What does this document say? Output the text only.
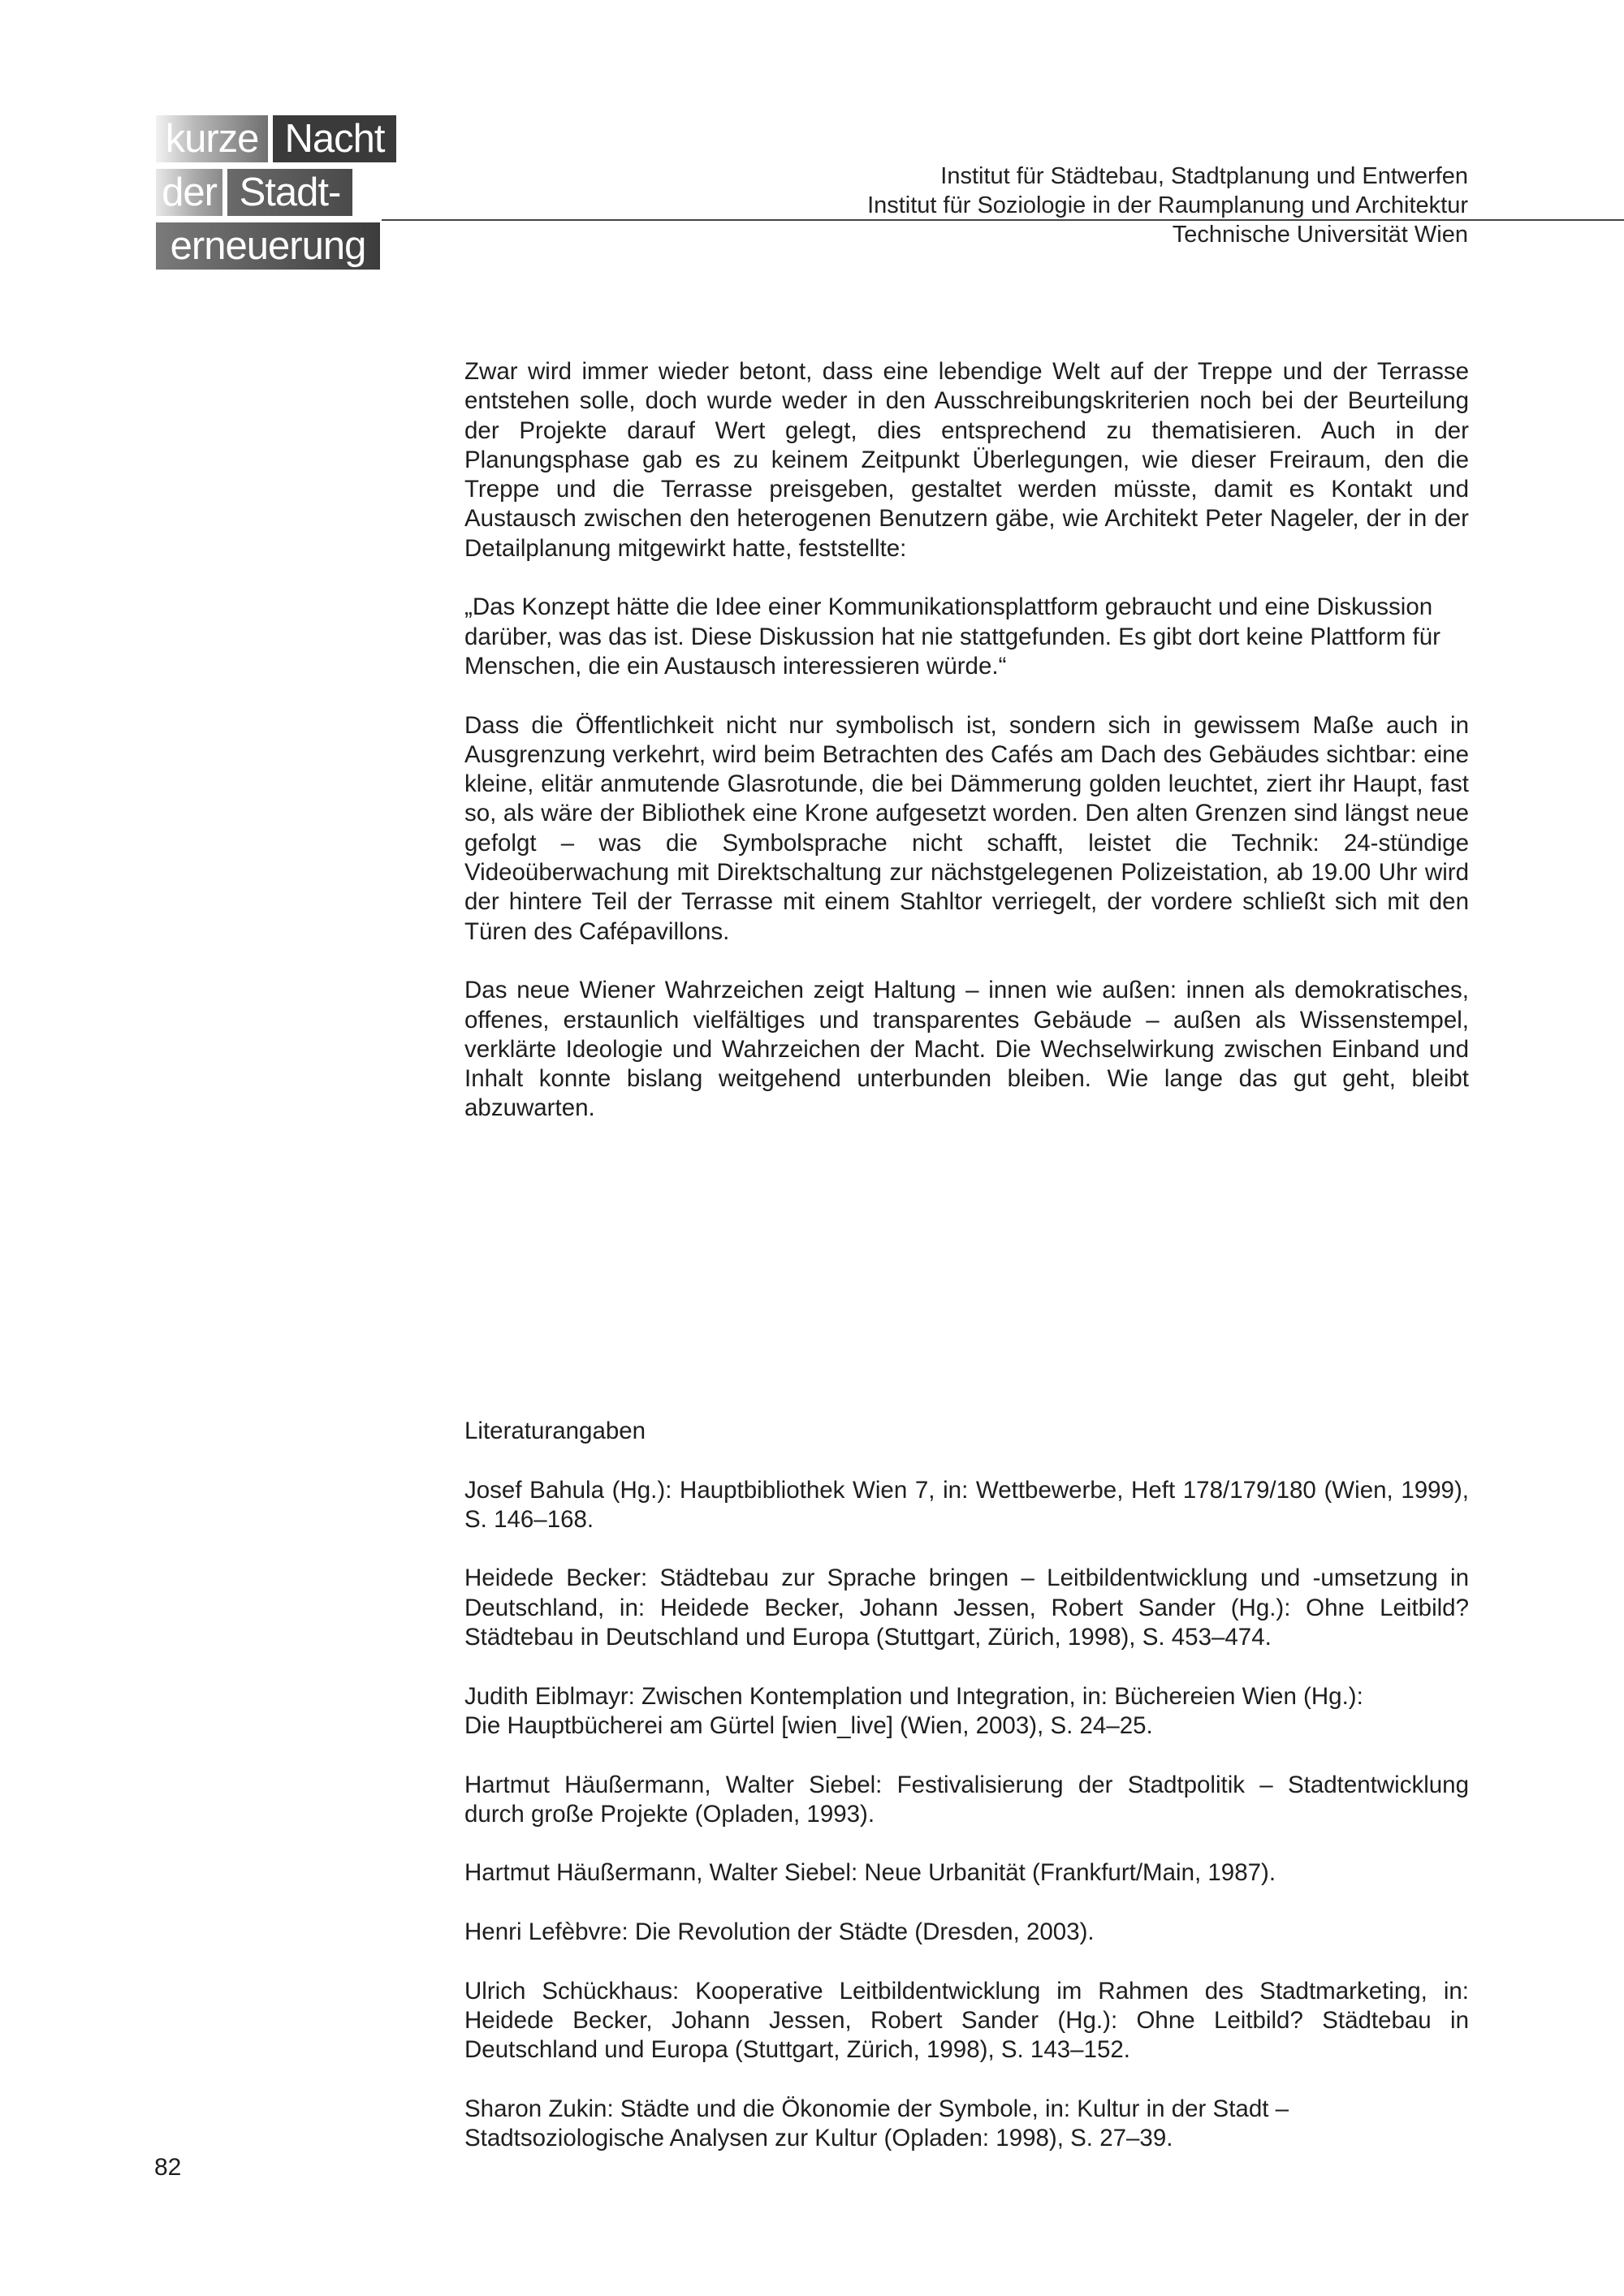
kurze Nacht
der Stadt-
erneuerung
Institut für Städtebau, Stadtplanung und Entwerfen
Institut für Soziologie in der Raumplanung und Architektur
Technische Universität Wien

Zwar wird immer wieder betont, dass eine lebendige Welt auf der Treppe und der Terrasse entstehen solle, doch wurde weder in den Ausschreibungskriterien noch bei der Beurteilung der Projekte darauf Wert gelegt, dies entsprechend zu thematisieren. Auch in der Planungsphase gab es zu keinem Zeitpunkt Überlegungen, wie dieser Freiraum, den die Treppe und die Terrasse preisgeben, gestaltet werden müsste, damit es Kontakt und Austausch zwischen den heterogenen Benutzern gäbe, wie Architekt Peter Nageler, der in der Detailplanung mitgewirkt hatte, feststellte:

„Das Konzept hätte die Idee einer Kommunikationsplattform gebraucht und eine Diskussion darüber, was das ist. Diese Diskussion hat nie stattgefunden. Es gibt dort keine Plattform für Menschen, die ein Austausch interessieren würde.“

Dass die Öffentlichkeit nicht nur symbolisch ist, sondern sich in gewissem Maße auch in Ausgrenzung verkehrt, wird beim Betrachten des Cafés am Dach des Gebäudes sichtbar: eine kleine, elitär anmutende Glasrotunde, die bei Dämmerung golden leuchtet, ziert ihr Haupt, fast so, als wäre der Bibliothek eine Krone aufgesetzt worden. Den alten Grenzen sind längst neue gefolgt – was die Symbolsprache nicht schafft, leistet die Technik: 24-stündige Videoüberwachung mit Direktschaltung zur nächstgelegenen Polizeistation, ab 19.00 Uhr wird der hintere Teil der Terrasse mit einem Stahltor verriegelt, der vordere schließt sich mit den Türen des Cafépavillons.

Das neue Wiener Wahrzeichen zeigt Haltung – innen wie außen: innen als demokratisches, offenes, erstaunlich vielfältiges und transparentes Gebäude – außen als Wissenstempel, verklärte Ideologie und Wahrzeichen der Macht. Die Wechselwirkung zwischen Einband und Inhalt konnte bislang weitgehend unterbunden bleiben. Wie lange das gut geht, bleibt abzuwarten.

Literaturangaben

Josef Bahula (Hg.): Hauptbibliothek Wien 7, in: Wettbewerbe, Heft 178/179/180 (Wien, 1999), S. 146–168.

Heidede Becker: Städtebau zur Sprache bringen – Leitbildentwicklung und -umsetzung in Deutschland, in: Heidede Becker, Johann Jessen, Robert Sander (Hg.): Ohne Leitbild? Städtebau in Deutschland und Europa (Stuttgart, Zürich, 1998), S. 453–474.

Judith Eiblmayr: Zwischen Kontemplation und Integration, in: Büchereien Wien (Hg.):

Die Hauptbücherei am Gürtel [wien_live] (Wien, 2003), S. 24–25.

Hartmut Häußermann, Walter Siebel: Festivalisierung der Stadtpolitik – Stadtentwicklung durch große Projekte (Opladen, 1993).

Hartmut Häußermann, Walter Siebel: Neue Urbanität (Frankfurt/Main, 1987).

Henri Lefèbvre: Die Revolution der Städte (Dresden, 2003).

Ulrich Schückhaus: Kooperative Leitbildentwicklung im Rahmen des Stadtmarketing, in: Heidede Becker, Johann Jessen, Robert Sander (Hg.): Ohne Leitbild? Städtebau in Deutschland und Europa (Stuttgart, Zürich, 1998), S. 143–152.

Sharon Zukin: Städte und die Ökonomie der Symbole, in: Kultur in der Stadt –

Stadtsoziologische Analysen zur Kultur (Opladen: 1998), S. 27–39.

82
